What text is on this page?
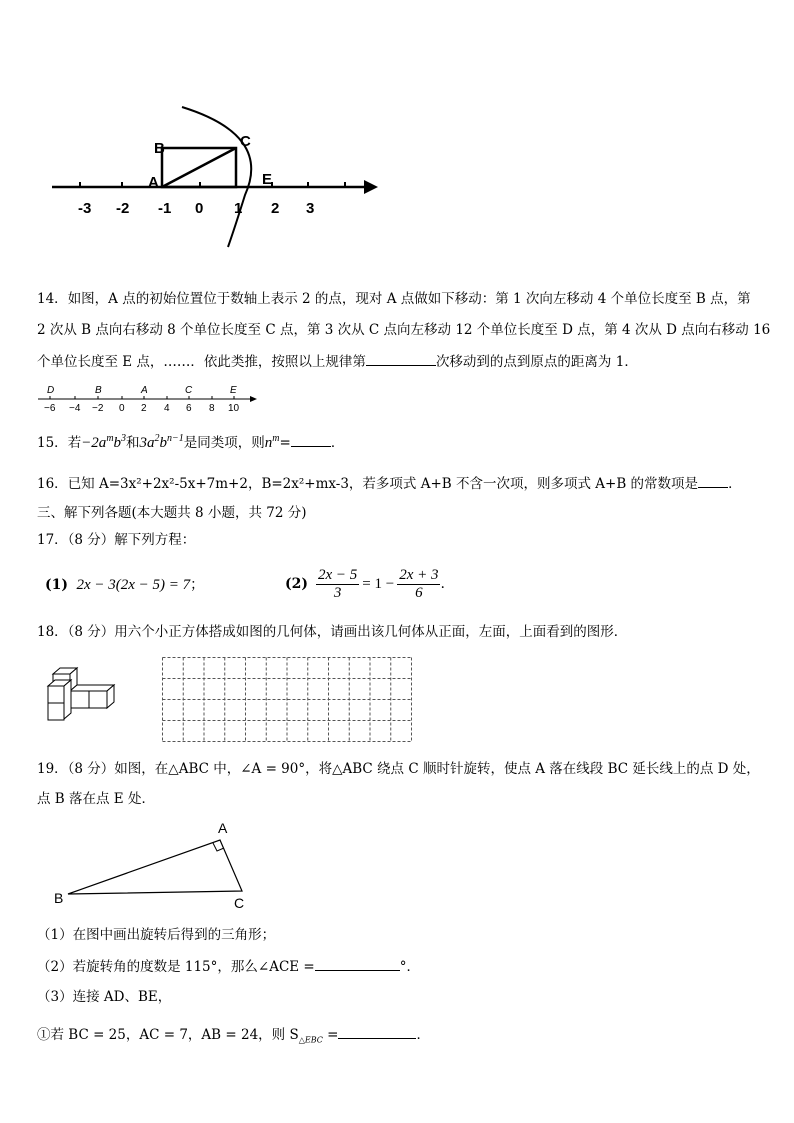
B
A
C
E
-3 -2 -1 0 1 2 3
14．如图，A 点的初始位置位于数轴上表示 2 的点，现对 A 点做如下移动：第 1 次向左移动 4 个单位长度至 B 点，第
2 次从 B 点向右移动 8 个单位长度至 C 点，第 3 次从 C 点向左移动 12 个单位长度至 D 点，第 4 次从 D 点向右移动 16
个单位长度至 E 点，……．依此类推，按照以上规律第	次移动到的点到原点的距离为 1．
D	B	A	C	E
−6 −4 −2 0 2 4 6 8 10
15．若$-2a^mb^3$和$3a^2b^{n-1}$是同类项，则$n^m=$	．
16．已知 A=3x²+2x²-5x+7m+2，B=2x²+mx-3，若多项式 A+B 不含一次项，则多项式 A+B 的常数项是 ．
三、解下列各题(本大题共 8 小题，共 72 分)
17．（8 分）解下列方程：
(1) 2x − 3(2x − 5) = 7；	$(2) \frac{2x - 5}{3} = 1 - \frac{2x + 3}{6}$ .
18．（8 分）用六个小正方体搭成如图的几何体，请画出该几何体从正面，左面，上面看到的图形．
19．（8 分）如图，在△ABC 中，∠A = 90°，将△ABC 绕点 C 顺时针旋转，使点 A 落在线段 BC 延长线上的点 D 处，
点 B 落在点 E 处．
A
B	C
（1）在图中画出旋转后得到的三角形；
（2）若旋转角的度数是 115°，那么∠ACE =	°．
（3）连接 AD、BE，
①若 BC = 25，AC = 7，AB = 24，则 $S_{\triangle EBC}$ =	．
